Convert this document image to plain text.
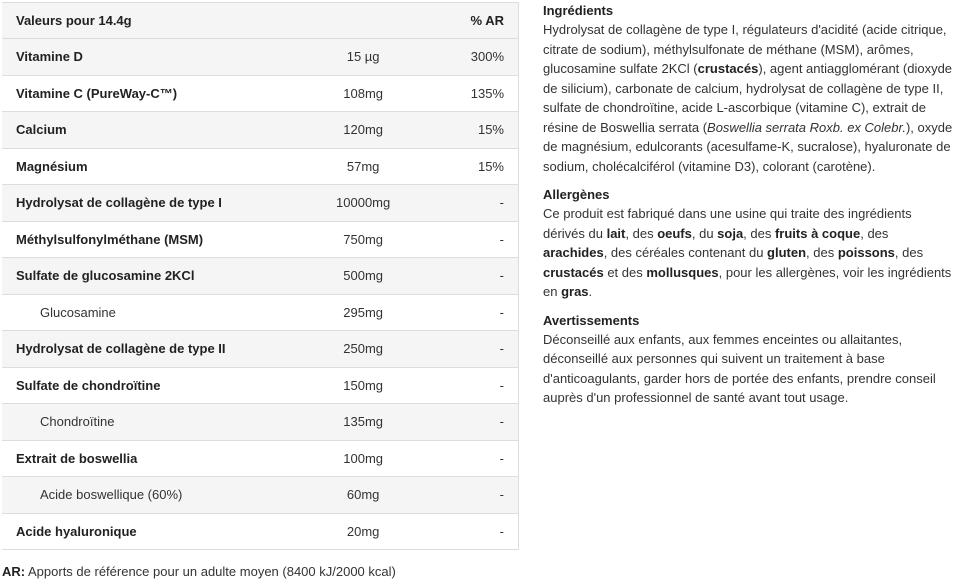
Valeurs pour 14.4g		% AR
Vitamine D	15 µg	300%
Vitamine C (PureWay-C™)	108mg	135%
Calcium	120mg	15%
Magnésium	57mg	15%
Hydrolysat de collagène de type I	10000mg	-
Méthylsulfonylméthane (MSM)	750mg	-
Sulfate de glucosamine 2KCl	500mg	-
Glucosamine	295mg	-
Hydrolysat de collagène de type II	250mg	-
Sulfate de chondroïtine	150mg	-
Chondroïtine	135mg	-
Extrait de boswellia	100mg	-
Acide boswellique (60%)	60mg	-
Acide hyaluronique	20mg	-
AR: Apports de référence pour un adulte moyen (8400 kJ/2000 kcal)
Ingrédients

Hydrolysat de collagène de type I, régulateurs d'acidité (acide citrique, citrate de sodium), méthylsulfonate de méthane (MSM), arômes, glucosamine sulfate 2KCl (crustacés), agent antiagglomérant (dioxyde de silicium), carbonate de calcium, hydrolysat de collagène de type II, sulfate de chondroïtine, acide L-ascorbique (vitamine C), extrait de résine de Boswellia serrata (Boswellia serrata Roxb. ex Colebr.), oxyde de magnésium, edulcorants (acesulfame-K, sucralose), hyaluronate de sodium, cholécalciférol (vitamine D3), colorant (carotène).

Allergènes

Ce produit est fabriqué dans une usine qui traite des ingrédients dérivés du lait, des oeufs, du soja, des fruits à coque, des arachides, des céréales contenant du gluten, des poissons, des crustacés et des mollusques, pour les allergènes, voir les ingrédients en gras.

Avertissements

Déconseillé aux enfants, aux femmes enceintes ou allaitantes, déconseillé aux personnes qui suivent un traitement à base d'anticoagulants, garder hors de portée des enfants, prendre conseil auprès d'un professionnel de santé avant tout usage.
